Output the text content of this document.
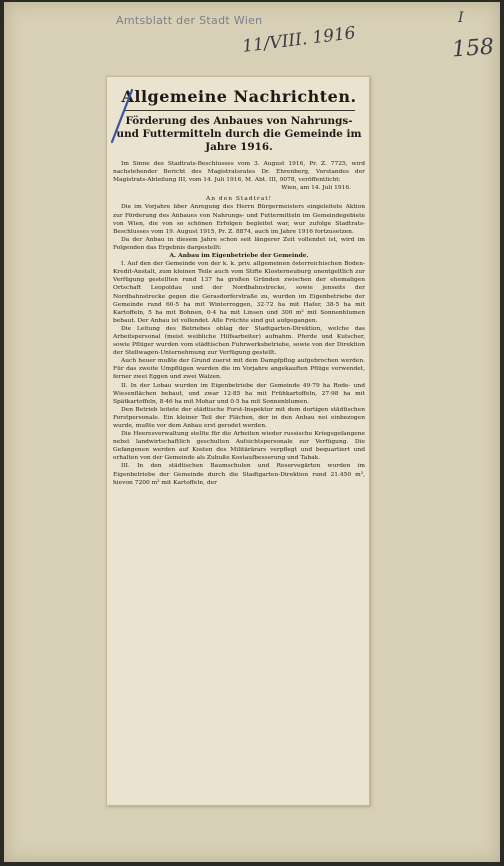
Amtsblatt der Stadt Wien
11/VIII. 1916
I
158
Allgemeine Nachrichten.
Förderung des Anbaues von Nahrungs- und Futtermitteln durch die Gemeinde im Jahre 1916.

Im Sinne des Stadtrats-Beschlusses vom 3. August 1916, Pr. Z. 7725, wird nachstehender Bericht des Magistratsrates Dr. Ehrenberg, Vorstandes der Magistrats-Abteilung III, vom 14. Juli 1916, M. Abt. III, 9078, veröffentlicht:

Wien, am 14. Juli 1916.

An den Stadtrat!

Die im Vorjahre über Anregung des Herrn Bürgermeisters eingeleitete Aktion zur Förderung des Anbaues von Nahrungs- und Futtermitteln im Gemeindegebiete von Wien, die von so schönen Erfolgen begleitet war, wur zufolge Stadtrats-Beschlusses vom 19. August 1915, Pr. Z. 8874, auch im Jahre 1916 fortzusetzen.

Da der Anbau in diesem Jahre schon seit längerer Zeit vollendet ist, wird im Folgenden das Ergebnis dargestellt:

A. Anbau im Eigenbetriebe der Gemeinde.

I. Auf den der Gemeinde von der k. k. priv. allgemeinen österreichischen Boden-Kredit-Anstalt, zum kleinen Teile auch vom Stifte Klosterneuburg unentgeltlich zur Verfügung gestellten rund 137 ha großen Gründen zwischen der ehemaligen Ortschaft Leopoldau und der Nordbahnstrecke, sowie jenseits der Nordbahnstrecke gegen die Gerasdorferstraße zu, wurden im Eigenbetriebe der Gemeinde rund 60·5 ha mit Winterroggen, 32·72 ha mit Hafer, 38·5 ha mit Kartoffeln, 5 ha mit Bohnen, 0·4 ha mit Linsen und 300 m² mit Sonnenblumen bebaut. Der Anbau ist vollendet. Alle Früchte sind gut aufgegangen.

Die Leitung des Betriebes oblag der Stadtgarten-Direktion, welche das Arbeitspersonal (meist weibliche Hilfsarbeiter) aufnahm. Pferde und Kutscher, sowie Pflüger wurden vom städtischen Fuhrwerksbetriebe, sowie von der Direktion der Stellwagen-Unternehmung zur Verfügung gestellt.

Auch heuer mußte der Grund zuerst mit dem Dampfpflug aufgebrochen werden. Für das zweite Umpflügen wurden die im Vorjahre angekauften Pflüge verwendet, ferner zwei Eggen und zwei Walzen.

II. In der Lobau wurden im Eigenbetriebe der Gemeinde 49·79 ha Rode- und Wiesenflächen bebaut, und zwar 12·85 ha mit Frühkartoffeln, 27·98 ha mit Spätkartoffeln, 8·46 ha mit Mohar und 0·5 ha mit Sonnenblumen.

Den Betrieb leitete der städtische Forst-Inspektor mit dem dortigen städtischen Forstpersonale. Ein kleiner Teil der Flächen, der in den Anbau nei einbezogen wurde, mußte vor dem Anbau erst gerodet werden.

Die Heeresverwaltung stellte für die Arbeiten wieder russische Kriegsgefangene nebst landwirtschaftlich geschulten Aufsichtspersonale zur Verfügung. Die Gefangenen werden auf Kosten des Militärärars verpflegt und bequartiert und erhalten von der Gemeinde als Zubuße Kostaufbesserung und Tabak.

III. In den städtischen Baumschulen und Reservegärten wurden im Eigenbetriebe der Gemeinde durch die Stadtgarten-Direktion rund 21.450 m², hievon 7200 m² mit Kartoffeln, der
